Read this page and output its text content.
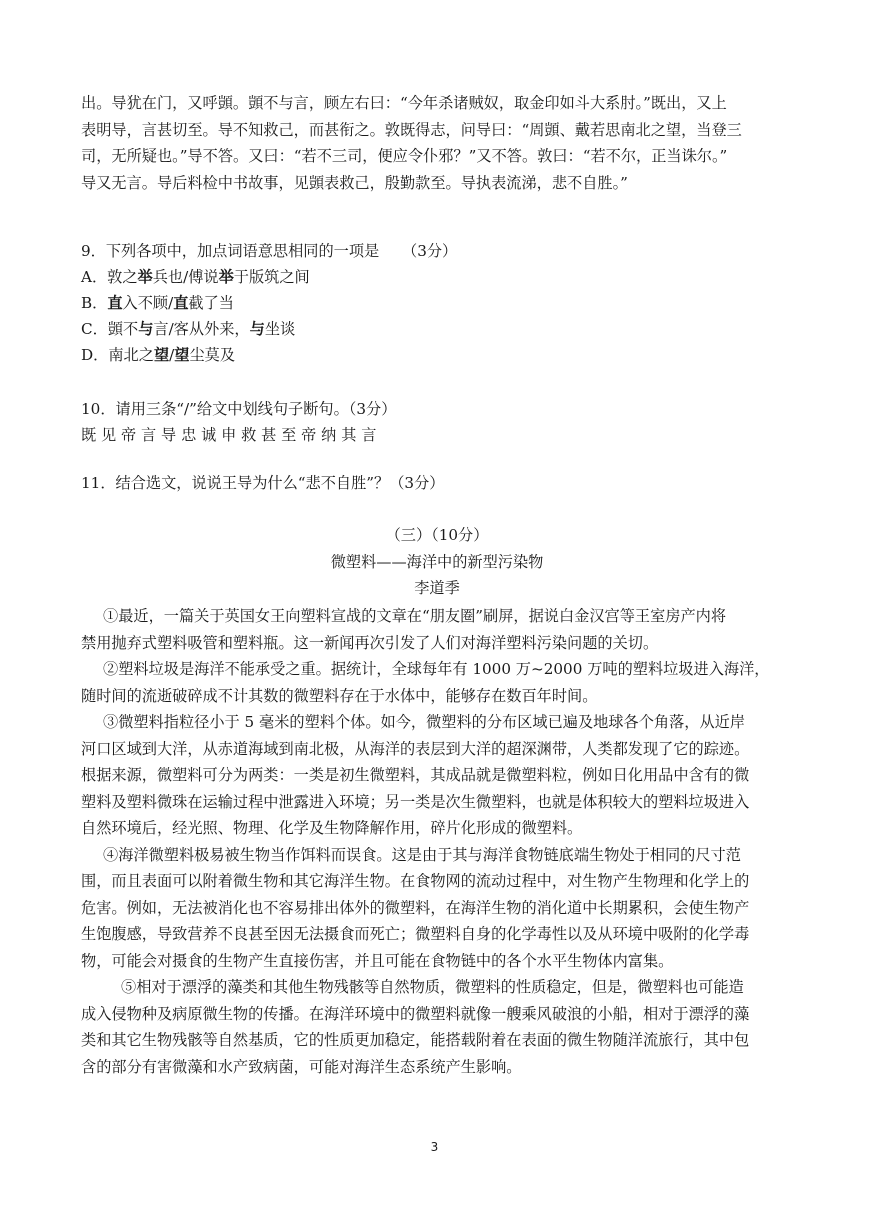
出。导犹在门，又呼顗。顗不与言，顾左右曰：“今年杀诸贼奴，取金印如斗大系肘。”既出，又上
表明导，言甚切至。导不知救己，而甚衔之。敦既得志，问导曰：“周顗、戴若思南北之望，当登三
司，无所疑也。”导不答。又曰：“若不三司，便应令仆邪？”又不答。敦曰：“若不尔，正当诛尔。”
导又无言。导后料检中书故事，见顗表救己，殷勤款至。导执表流涕，悲不自胜。”
9．下列各项中，加点词语意思相同的一项是　　（3分）
A．敦之举兵也/傅说举于版筑之间
B．直入不顾/直截了当
C．顗不与言/客从外来，与坐谈
D．南北之望/望尘莫及
10．请用三条“/”给文中划线句子断句。（3分）
既 见 帝 言 导 忠 诚 申 救 甚 至 帝 纳 其 言
11．结合选文，说说王导为什么“悲不自胜”？（3分）
（三）（10分）
微塑料——海洋中的新型污染物
李道季
①最近，一篇关于英国女王向塑料宣战的文章在“朋友圈”刷屏，据说白金汉宫等王室房产内将
禁用抛弃式塑料吸管和塑料瓶。这一新闻再次引发了人们对海洋塑料污染问题的关切。
②塑料垃圾是海洋不能承受之重。据统计，全球每年有 1000 万~2000 万吨的塑料垃圾进入海洋，
随时间的流逝破碎成不计其数的微塑料存在于水体中，能够存在数百年时间。
③微塑料指粒径小于 5 毫米的塑料个体。如今，微塑料的分布区域已遍及地球各个角落，从近岸
河口区域到大洋，从赤道海域到南北极，从海洋的表层到大洋的超深渊带，人类都发现了它的踪迹。
根据来源，微塑料可分为两类：一类是初生微塑料，其成品就是微塑料粒，例如日化用品中含有的微
塑料及塑料微珠在运输过程中泄露进入环境；另一类是次生微塑料，也就是体积较大的塑料垃圾进入
自然环境后，经光照、物理、化学及生物降解作用，碎片化形成的微塑料。
④海洋微塑料极易被生物当作饵料而误食。这是由于其与海洋食物链底端生物处于相同的尺寸范
围，而且表面可以附着微生物和其它海洋生物。在食物网的流动过程中，对生物产生物理和化学上的
危害。例如，无法被消化也不容易排出体外的微塑料，在海洋生物的消化道中长期累积，会使生物产
生饱腹感，导致营养不良甚至因无法摄食而死亡；微塑料自身的化学毒性以及从环境中吸附的化学毒
物，可能会对摄食的生物产生直接伤害，并且可能在食物链中的各个水平生物体内富集。
⑤相对于漂浮的藻类和其他生物残骸等自然物质，微塑料的性质稳定，但是，微塑料也可能造
成入侵物种及病原微生物的传播。在海洋环境中的微塑料就像一艘乘风破浪的小船，相对于漂浮的藻
类和其它生物残骸等自然基质，它的性质更加稳定，能搭载附着在表面的微生物随洋流旅行，其中包
含的部分有害微藻和水产致病菌，可能对海洋生态系统产生影响。
3
